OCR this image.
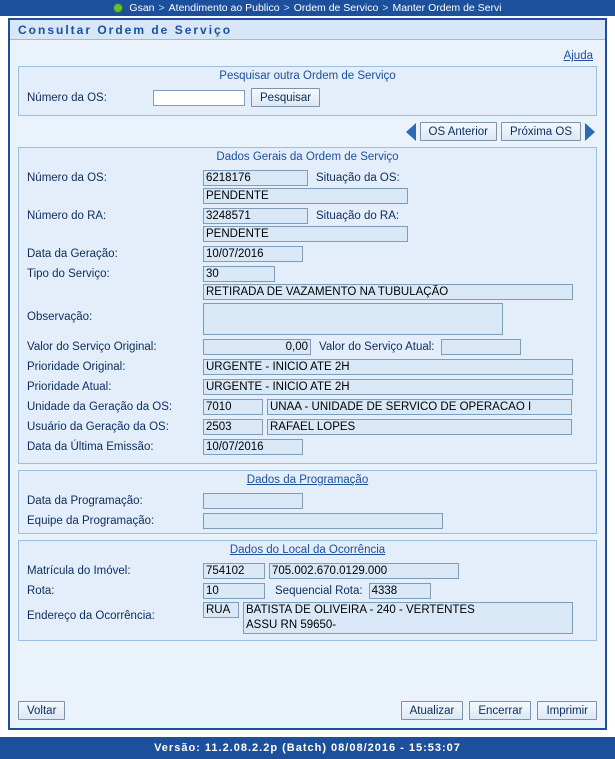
Gsan > Atendimento ao Publico > Ordem de Servico > Manter Ordem de Servi
Consultar Ordem de Serviço
Ajuda
Pesquisar outra Ordem de Serviço
Número da OS:	Pesquisar
OS Anterior	Próxima OS
Dados Gerais da Ordem de Serviço
Número da OS:	6218176	Situação da OS:

PENDENTE
Número do RA:	3248571	Situação do RA:

PENDENTE
Data da Geração:	10/07/2016
Tipo do Serviço:	30

RETIRADA DE VAZAMENTO NA TUBULAÇÃO
Observação:
Valor do Serviço Original:	0,00 Valor do Serviço Atual:
Prioridade Original:	URGENTE - INICIO ATE 2H
Prioridade Atual:	URGENTE - INICIO ATE 2H
Unidade da Geração da OS:	7010	UNAA - UNIDADE DE SERVICO DE OPERACAO I
Usuário da Geração da OS:	2503	RAFAEL LOPES
Data da Última Emissão:	10/07/2016
Dados da Programação
Data da Programação:
Equipe da Programação:
Dados do Local da Ocorrência
Matrícula do Imóvel:	754102	705.002.670.0129.000
Rota:	10	Sequencial Rota: 4338
Endereço da Ocorrência:	RUA
BATISTA DE OLIVEIRA - 240 - VERTENTES ASSU RN 59650-
Voltar	Atualizar	Encerrar	Imprimir
Versão: 11.2.08.2.2p (Batch) 08/08/2016 - 15:53:07
